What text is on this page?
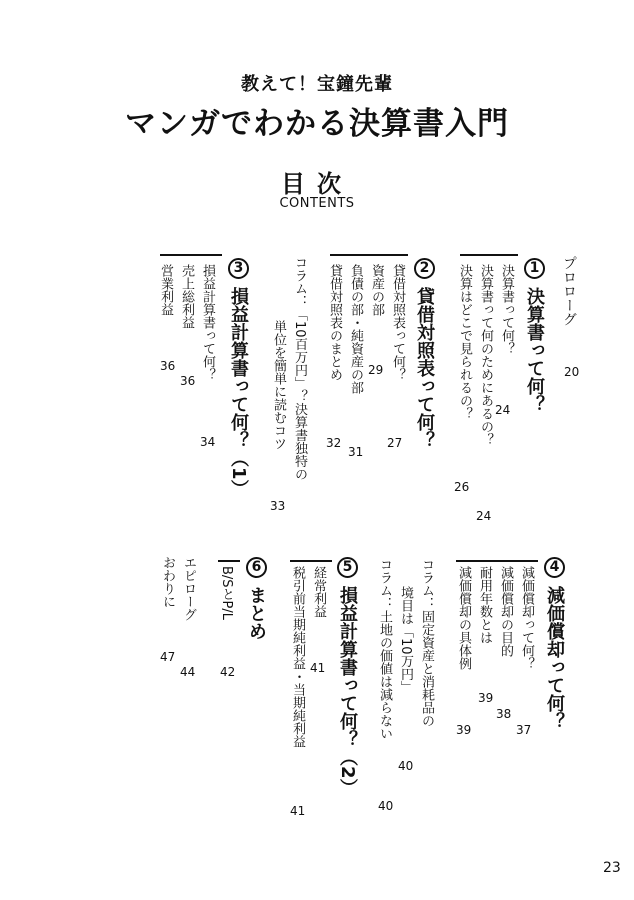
教えて！宝鐘先輩
マンガでわかる決算書入門
目次
CONTENTS
プロローグ
20
1
決算書って何？
決算書って何？
24
決算書って何のためにあるの？
24
決算はどこで見られるの？
26
2
貸借対照表って何？
貸借対照表って何？
27
資産の部
29
負債の部・純資産の部
31
貸借対照表のまとめ
32
コラム：「10百万円」？決算書独特の
単位を簡単に読むコツ
33
3
損益計算書って何？（1）
損益計算書って何？
34
売上総利益
36
営業利益
36
4
減価償却って何？
減価償却って何？
37
減価償却の目的
38
耐用年数とは
39
減価償却の具体例
39
コラム：固定資産と消耗品の
境目は「10万円」
40
コラム：土地の価値は減らない
40
5
損益計算書って何？（2）
経常利益
41
税引前当期純利益・当期純利益
41
6
まとめ
B/SとP/L
42
エピローグ
44
おわりに
47
23
